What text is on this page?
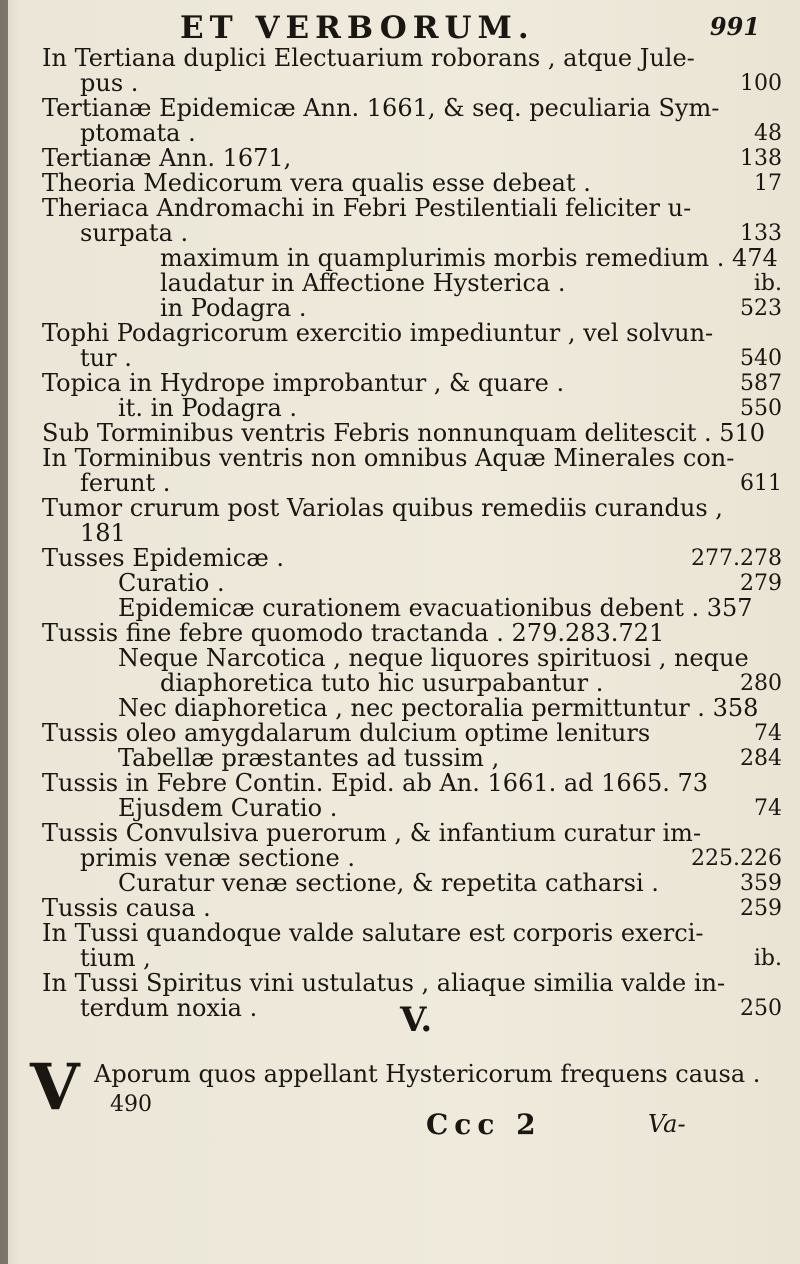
ET VERBORUM.	991
In Tertiana duplici Electuarium roborans , atque Jule-
pus .	100
Tertianæ Epidemicæ Ann. 1661, & seq. peculiaria Sym-
ptomata .	48
Tertianæ Ann. 1671,	138
Theoria Medicorum vera qualis esse debeat .	17
Theriaca Andromachi in Febri Pestilentiali feliciter u-
surpata .	133
maximum in quamplurimis morbis remedium . 474
laudatur in Affectione Hysterica .	ib.
in Podagra .	523
Tophi Podagricorum exercitio impediuntur , vel solvun-
tur .	540
Topica in Hydrope improbantur , & quare .	587
it. in Podagra .	550
Sub Torminibus ventris Febris nonnunquam delitescit . 510
In Torminibus ventris non omnibus Aquæ Minerales con-
ferunt .	611
Tumor crurum post Variolas quibus remediis curandus ,
181
Tusses Epidemicæ .	277.278
Curatio .	279
Epidemicæ curationem evacuationibus debent . 357
Tussis fine febre quomodo tractanda . 279.283.721
Neque Narcotica , neque liquores spirituosi , neque
diaphoretica tuto hic usurpabantur .	280
Nec diaphoretica , nec pectoralia permittuntur . 358
Tussis oleo amygdalarum dulcium optime leniturs	74
Tabellæ præstantes ad tussim ,	284
Tussis in Febre Contin. Epid. ab An. 1661. ad 1665. 73
Ejusdem Curatio .	74
Tussis Convulsiva puerorum , & infantium curatur im-
primis venæ sectione .	225.226
Curatur venæ sectione, & repetita catharsi .	359
Tussis causa .	259
In Tussi quandoque valde salutare est corporis exerci-
tium ,	ib.
In Tussi Spiritus vini ustulatus , aliaque similia valde in-
terdum noxia .	250
V.
V Aporum quos appellant Hystericorum frequens causa .
490
Ccc 2	Va-
